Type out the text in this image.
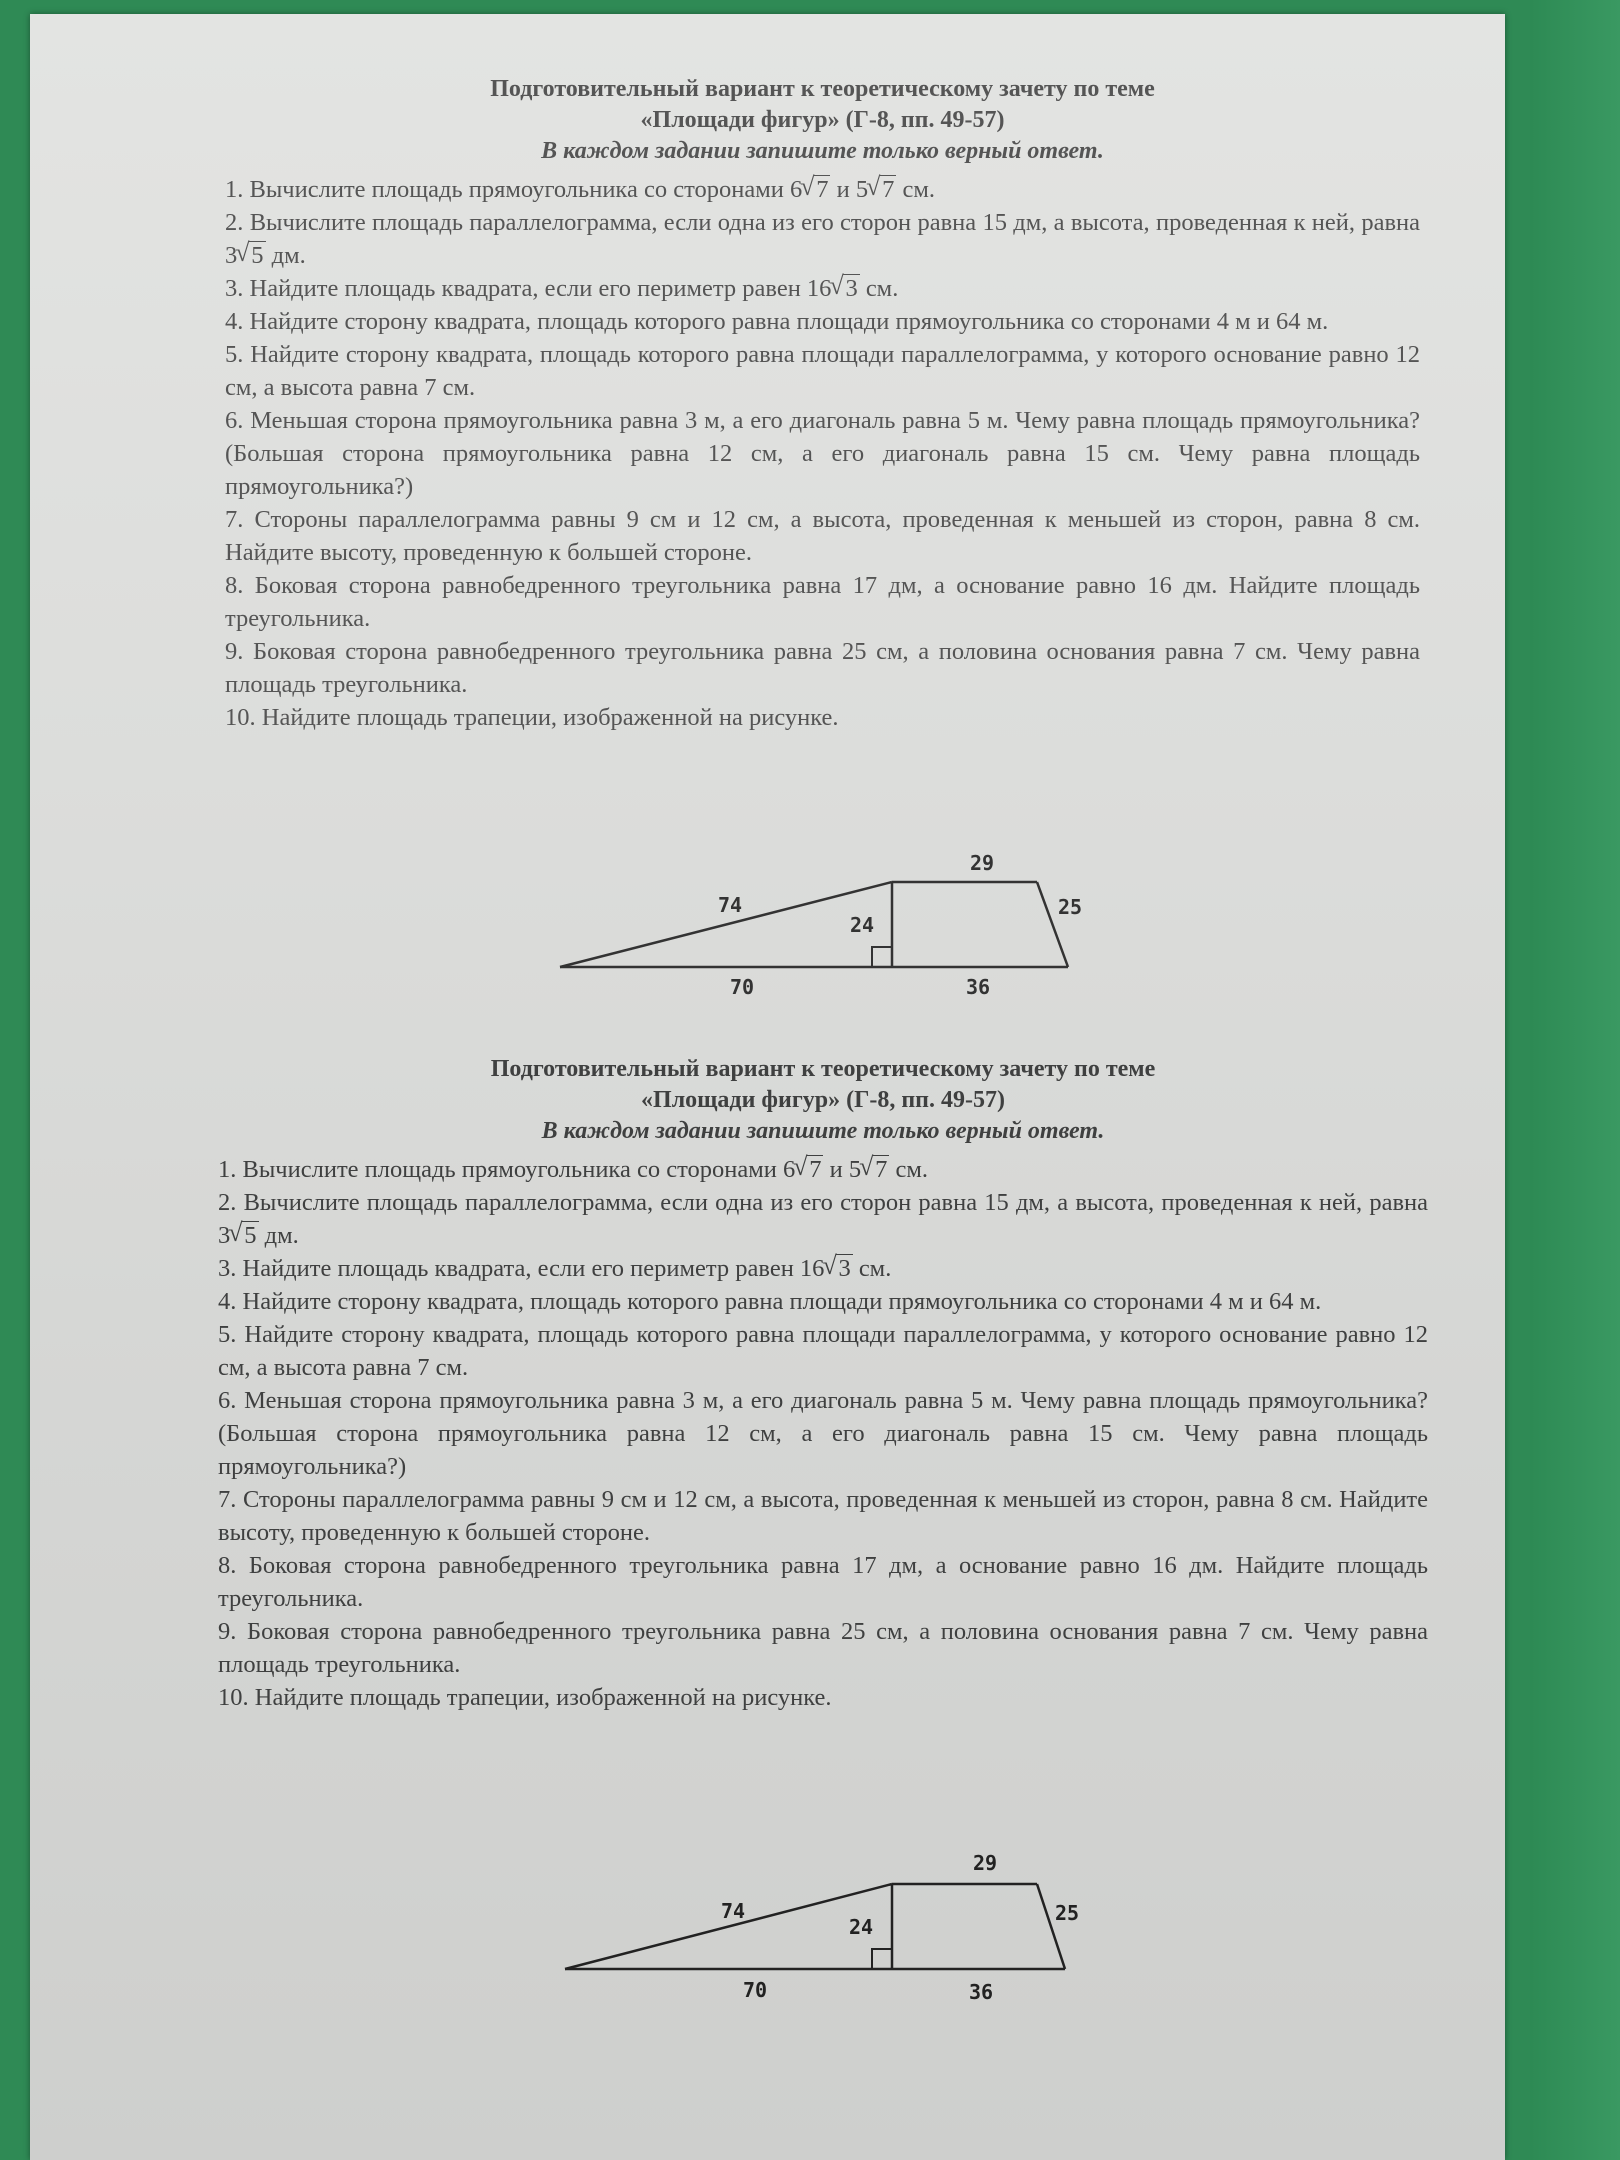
Подготовительный вариант к теоретическому зачету по теме

«Площади фигур» (Г-8, пп. 49-57)

В каждом задании запишите только верный ответ.

1. Вычислите площадь прямоугольника со сторонами 6 √ 7 и 5 √ 7 см.
2. Вычислите площадь параллелограмма, если одна из его сторон равна 15 дм, а высота, проведенная к ней, равна 3 √ 5 дм.
3. Найдите площадь квадрата, если его периметр равен 16 √ 3 см.
4. Найдите сторону квадрата, площадь которого равна площади прямоугольника со сторонами 4 м и 64 м.
5. Найдите сторону квадрата, площадь которого равна площади параллелограмма, у которого основание равно 12 см, а высота равна 7 см.
6. Меньшая сторона прямоугольника равна 3 м, а его диагональ равна 5 м. Чему равна площадь прямоугольника? (Большая сторона прямоугольника равна 12 см, а его диагональ равна 15 см. Чему равна площадь прямоугольника?)
7. Стороны параллелограмма равны 9 см и 12 см, а высота, проведенная к меньшей из сторон, равна 8 см. Найдите высоту, проведенную к большей стороне.
8. Боковая сторона равнобедренного треугольника равна 17 дм, а основание равно 16 дм. Найдите площадь треугольника.
9. Боковая сторона равнобедренного треугольника равна 25 см, а половина основания равна 7 см. Чему равна площадь треугольника.
10. Найдите площадь трапеции, изображенной на рисунке.
29
74
24
25
70	36

Подготовительный вариант к теоретическому зачету по теме

«Площади фигур» (Г-8, пп. 49-57)

В каждом задании запишите только верный ответ.

1. Вычислите площадь прямоугольника со сторонами 6 √ 7 и 5 √ 7 см.
2. Вычислите площадь параллелограмма, если одна из его сторон равна 15 дм, а высота, проведенная к ней, равна 3 √ 5 дм.
3. Найдите площадь квадрата, если его периметр равен 16 √ 3 см.
4. Найдите сторону квадрата, площадь которого равна площади прямоугольника со сторонами 4 м и 64 м.
5. Найдите сторону квадрата, площадь которого равна площади параллелограмма, у которого основание равно 12 см, а высота равна 7 см.
6. Меньшая сторона прямоугольника равна 3 м, а его диагональ равна 5 м. Чему равна площадь прямоугольника? (Большая сторона прямоугольника равна 12 см, а его диагональ равна 15 см. Чему равна площадь прямоугольника?)
7. Стороны параллелограмма равны 9 см и 12 см, а высота, проведенная к меньшей из сторон, равна 8 см. Найдите высоту, проведенную к большей стороне.
8. Боковая сторона равнобедренного треугольника равна 17 дм, а основание равно 16 дм. Найдите площадь треугольника.
9. Боковая сторона равнобедренного треугольника равна 25 см, а половина основания равна 7 см. Чему равна площадь треугольника.
10. Найдите площадь трапеции, изображенной на рисунке.
29
74
24
25
70	36
